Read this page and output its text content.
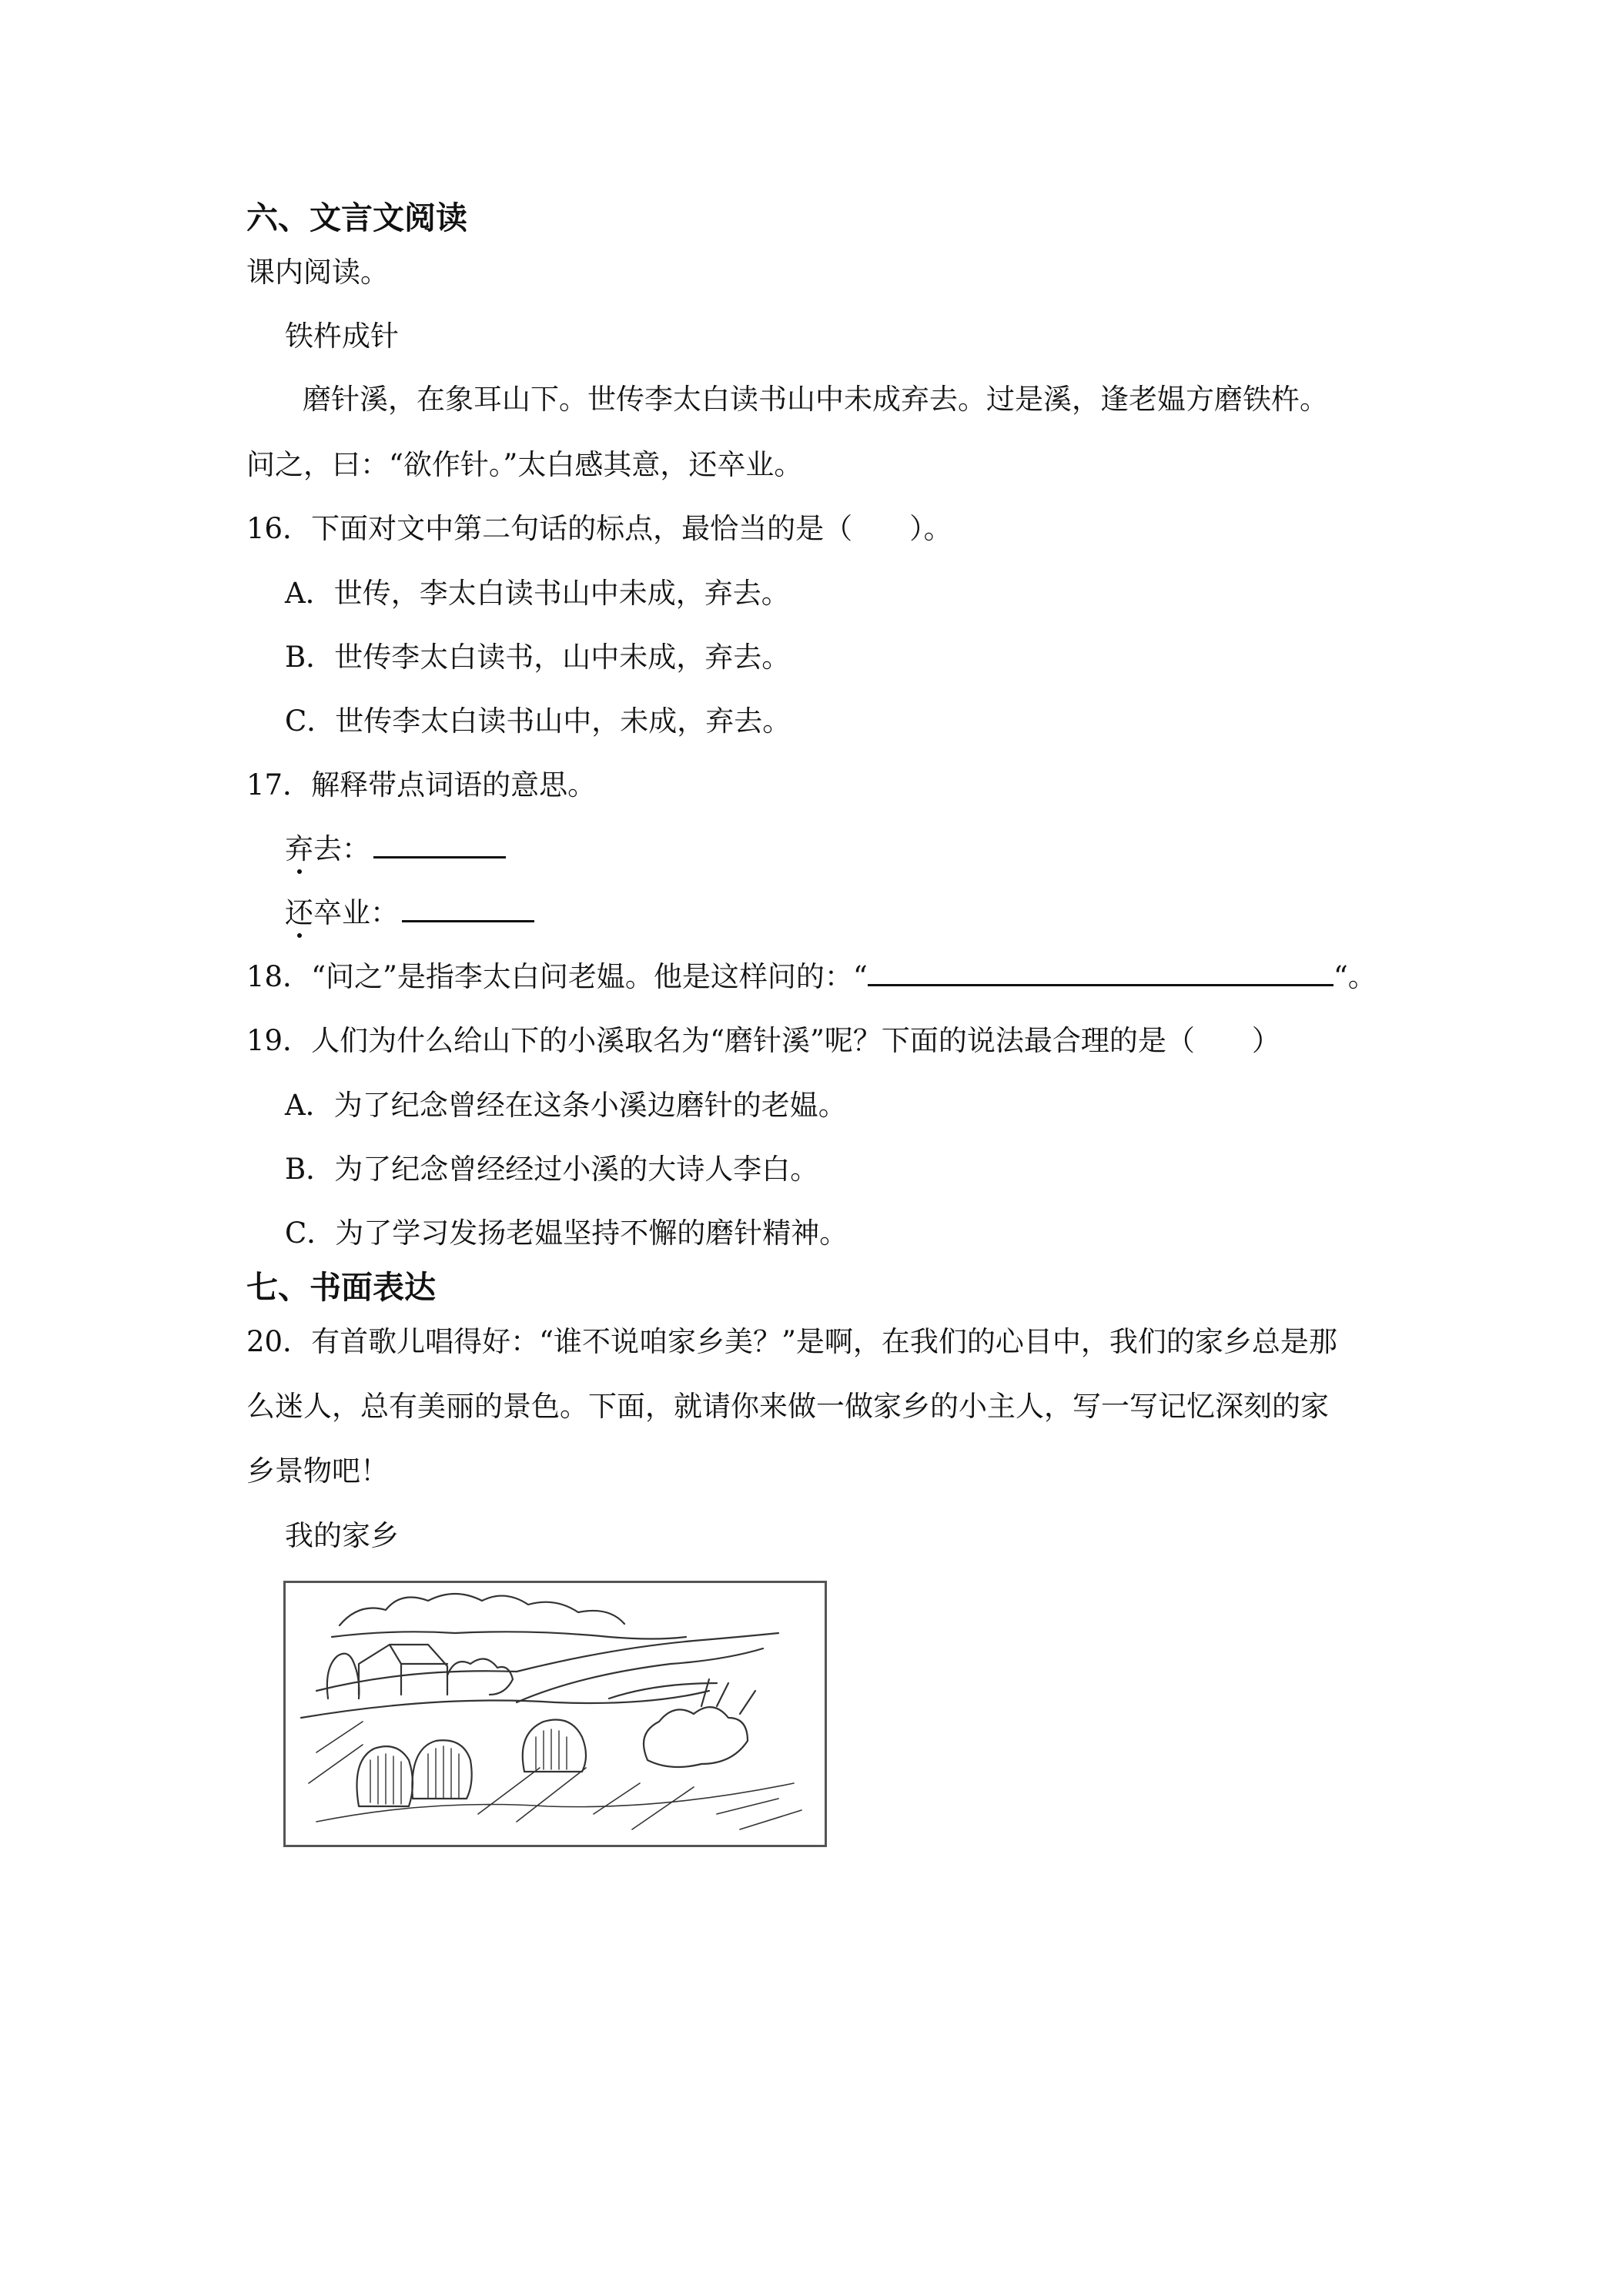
六、文言文阅读
课内阅读。
铁杵成针
磨针溪，在象耳山下。世传李太白读书山中未成弃去。过是溪，逢老媪方磨铁杵。
问之，曰：“欲作针。”太白感其意，还卒业。
16．下面对文中第二句话的标点，最恰当的是（　　）。
A．世传，李太白读书山中未成，弃去。
B．世传李太白读书，山中未成，弃去。
C．世传李太白读书山中，未成，弃去。
17．解释带点词语的意思。
弃去：
还卒业：
18．“问之”是指李太白问老媪。他是这样问的：“	“。
19．人们为什么给山下的小溪取名为“磨针溪”呢？下面的说法最合理的是（　　）
A．为了纪念曾经在这条小溪边磨针的老媪。
B．为了纪念曾经经过小溪的大诗人李白。
C．为了学习发扬老媪坚持不懈的磨针精神。
七、书面表达
20．有首歌儿唱得好：“谁不说咱家乡美？”是啊，在我们的心目中，我们的家乡总是那
么迷人，总有美丽的景色。下面，就请你来做一做家乡的小主人，写一写记忆深刻的家
乡景物吧！
我的家乡
